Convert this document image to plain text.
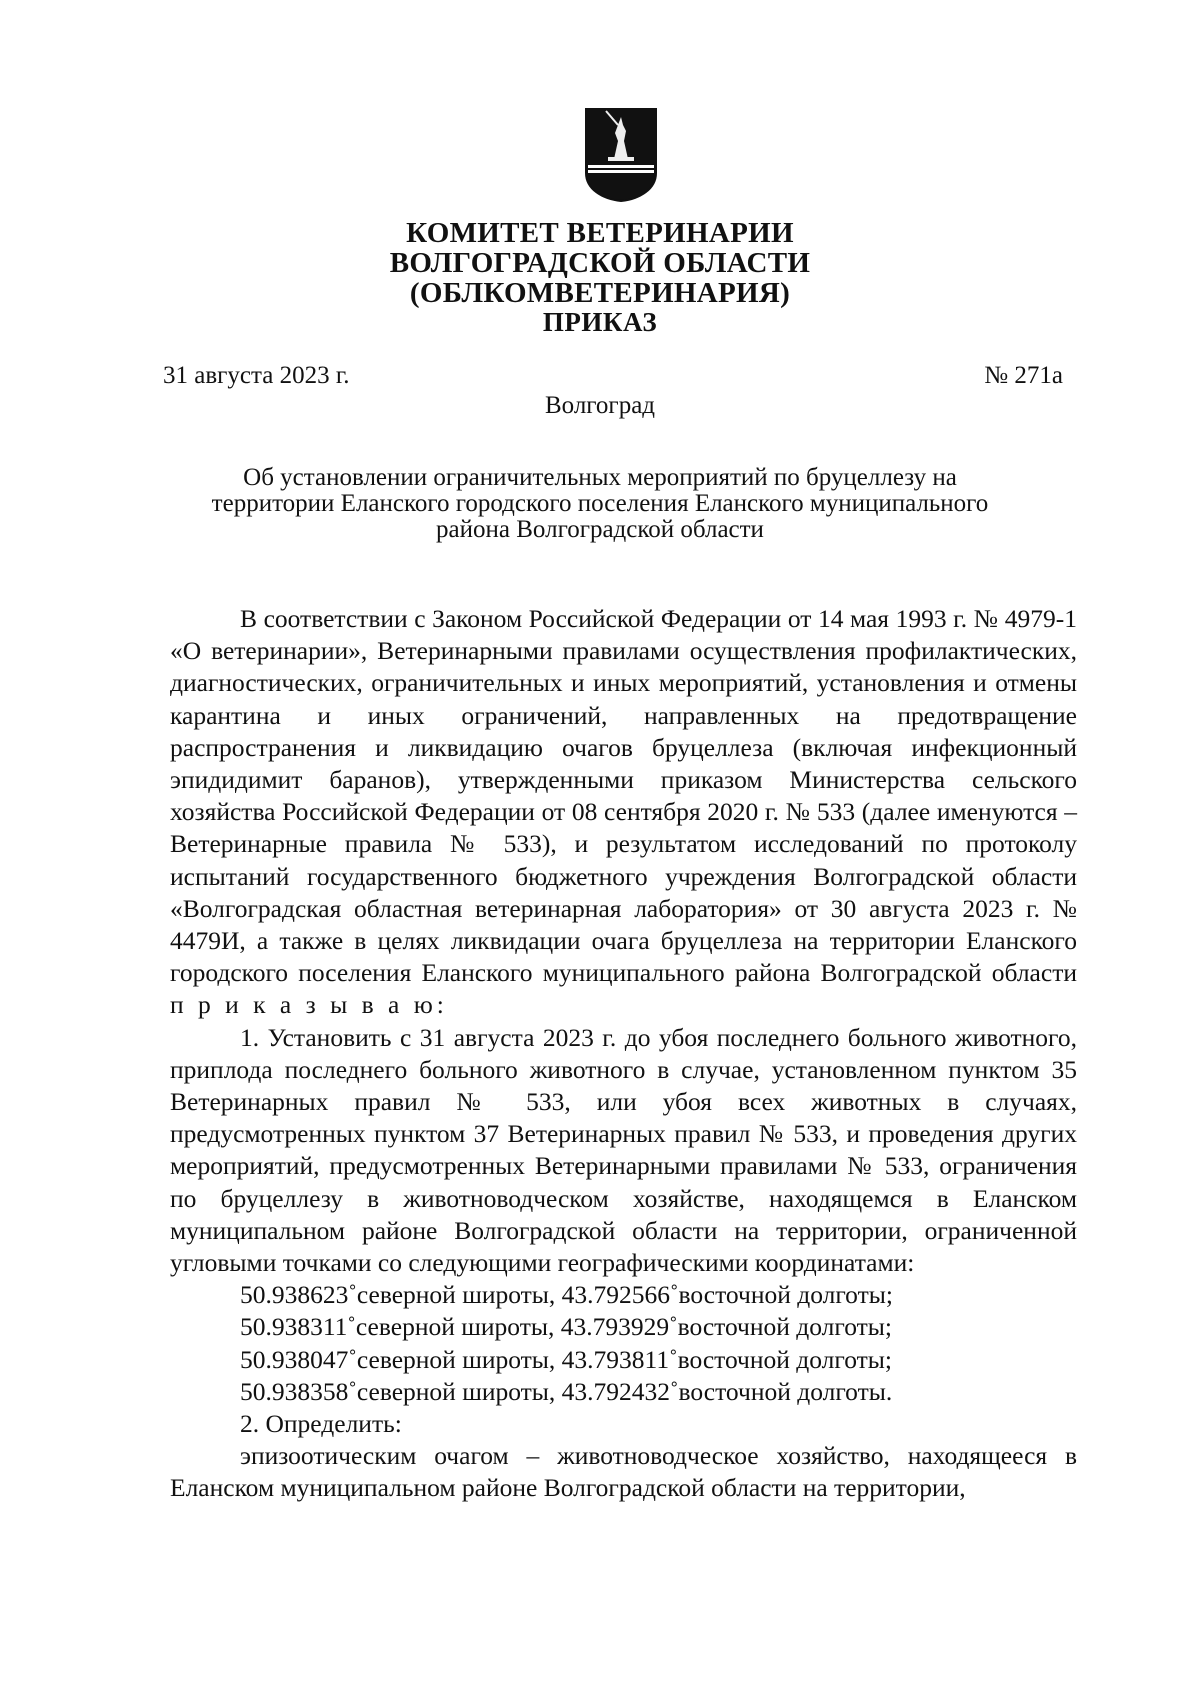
КОМИТЕТ ВЕТЕРИНАРИИ
ВОЛГОГРАДСКОЙ ОБЛАСТИ
(ОБЛКОМВЕТЕРИНАРИЯ)
ПРИКАЗ
31 августа 2023 г.	№ 271а
Волгоград
Об установлении ограничительных мероприятий по бруцеллезу на
территории Еланского городского поселения Еланского муниципального
района Волгоградской области

В соответствии с Законом Российской Федерации от 14 мая 1993 г. № 4979-1 «О ветеринарии», Ветеринарными правилами осуществления профилактических, диагностических, ограничительных и иных мероприятий, установления и отмены карантина и иных ограничений, направленных на предотвращение распространения и ликвидацию очагов бруцеллеза (включая инфекционный эпидидимит баранов), утвержденными приказом Министерства сельского хозяйства Российской Федерации от 08 сентября 2020 г. № 533 (далее именуются – Ветеринарные правила № 533), и результатом исследований по протоколу испытаний государственного бюджетного учреждения Волгоградской области «Волгоградская областная ветеринарная лаборатория» от 30 августа 2023 г. № 4479И, а также в целях ликвидации очага бруцеллеза на территории Еланского городского поселения Еланского муниципального района Волгоградской области п р и к а з ы в а ю:

1. Установить с 31 августа 2023 г. до убоя последнего больного животного, приплода последнего больного животного в случае, установленном пунктом 35 Ветеринарных правил № 533, или убоя всех животных в случаях, предусмотренных пунктом 37 Ветеринарных правил № 533, и проведения других мероприятий, предусмотренных Ветеринарными правилами № 533, ограничения по бруцеллезу в животноводческом хозяйстве, находящемся в Еланском муниципальном районе Волгоградской области на территории, ограниченной угловыми точками со следующими географическими координатами:

50.938623˚северной широты, 43.792566˚восточной долготы;

50.938311˚северной широты, 43.793929˚восточной долготы;

50.938047˚северной широты, 43.793811˚восточной долготы;

50.938358˚северной широты, 43.792432˚восточной долготы.

2. Определить:

эпизоотическим очагом – животноводческое хозяйство, находящееся в Еланском муниципальном районе Волгоградской области на территории,
